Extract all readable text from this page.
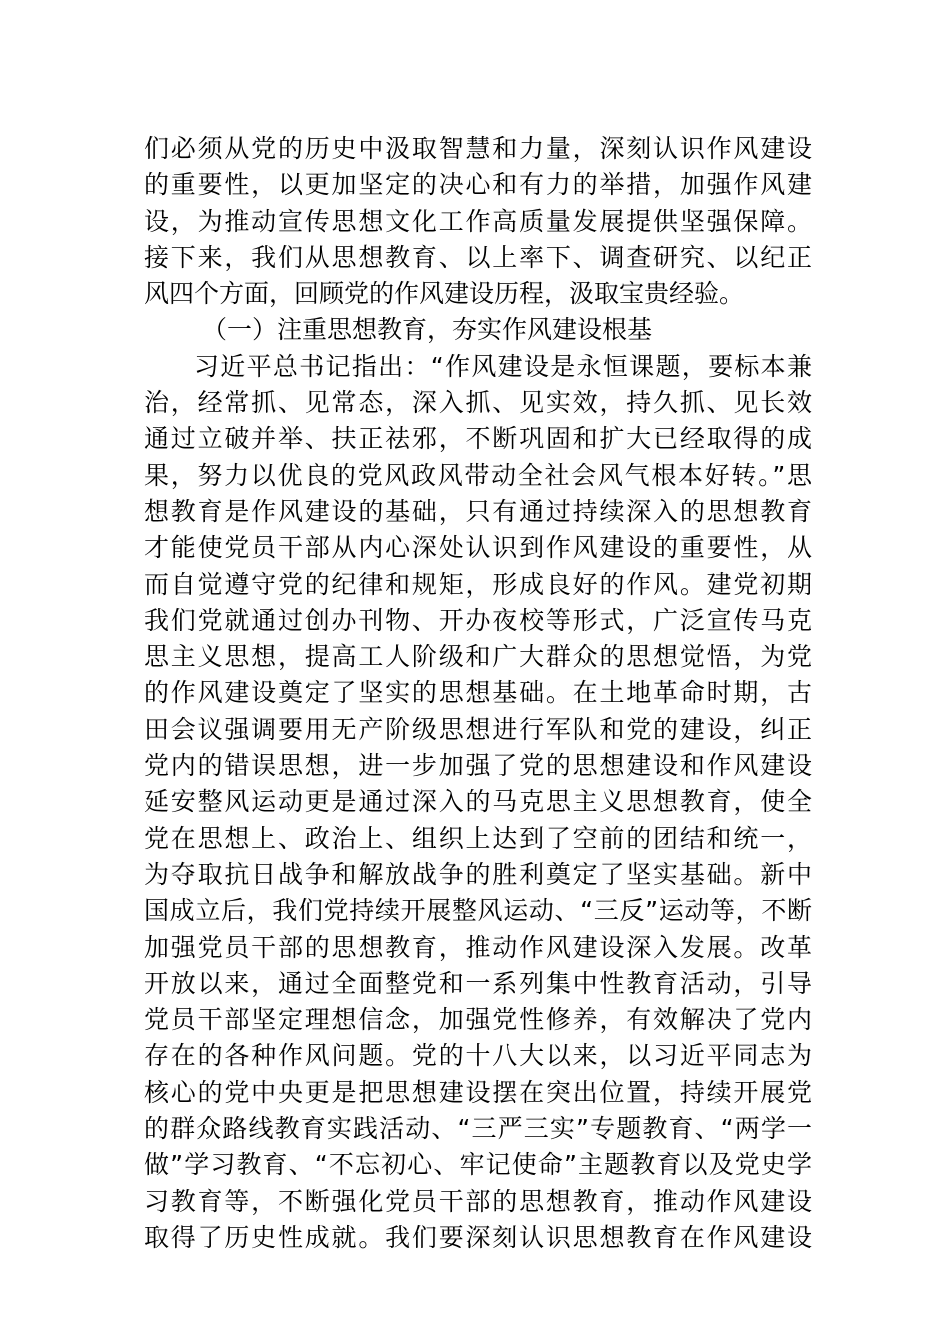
们必须从党的历史中汲取智慧和力量，深刻认识作风建设
的重要性，以更加坚定的决心和有力的举措，加强作风建
设，为推动宣传思想文化工作高质量发展提供坚强保障。
接下来，我们从思想教育、以上率下、调查研究、以纪正
风四个方面，回顾党的作风建设历程，汲取宝贵经验。
（一）注重思想教育，夯实作风建设根基
习近平总书记指出：“作风建设是永恒课题，要标本兼
治，经常抓、见常态，深入抓、见实效，持久抓、见长效
通过立破并举、扶正祛邪，不断巩固和扩大已经取得的成
果，努力以优良的党风政风带动全社会风气根本好转。”思
想教育是作风建设的基础，只有通过持续深入的思想教育
才能使党员干部从内心深处认识到作风建设的重要性，从
而自觉遵守党的纪律和规矩，形成良好的作风。建党初期
我们党就通过创办刊物、开办夜校等形式，广泛宣传马克
思主义思想，提高工人阶级和广大群众的思想觉悟，为党
的作风建设奠定了坚实的思想基础。在土地革命时期，古
田会议强调要用无产阶级思想进行军队和党的建设，纠正
党内的错误思想，进一步加强了党的思想建设和作风建设
延安整风运动更是通过深入的马克思主义思想教育，使全
党在思想上、政治上、组织上达到了空前的团结和统一，
为夺取抗日战争和解放战争的胜利奠定了坚实基础。新中
国成立后，我们党持续开展整风运动、“三反”运动等，不断
加强党员干部的思想教育，推动作风建设深入发展。改革
开放以来，通过全面整党和一系列集中性教育活动，引导
党员干部坚定理想信念，加强党性修养，有效解决了党内
存在的各种作风问题。党的十八大以来，以习近平同志为
核心的党中央更是把思想建设摆在突出位置，持续开展党
的群众路线教育实践活动、“三严三实”专题教育、“两学一
做”学习教育、“不忘初心、牢记使命”主题教育以及党史学
习教育等，不断强化党员干部的思想教育，推动作风建设
取得了历史性成就。我们要深刻认识思想教育在作风建设
